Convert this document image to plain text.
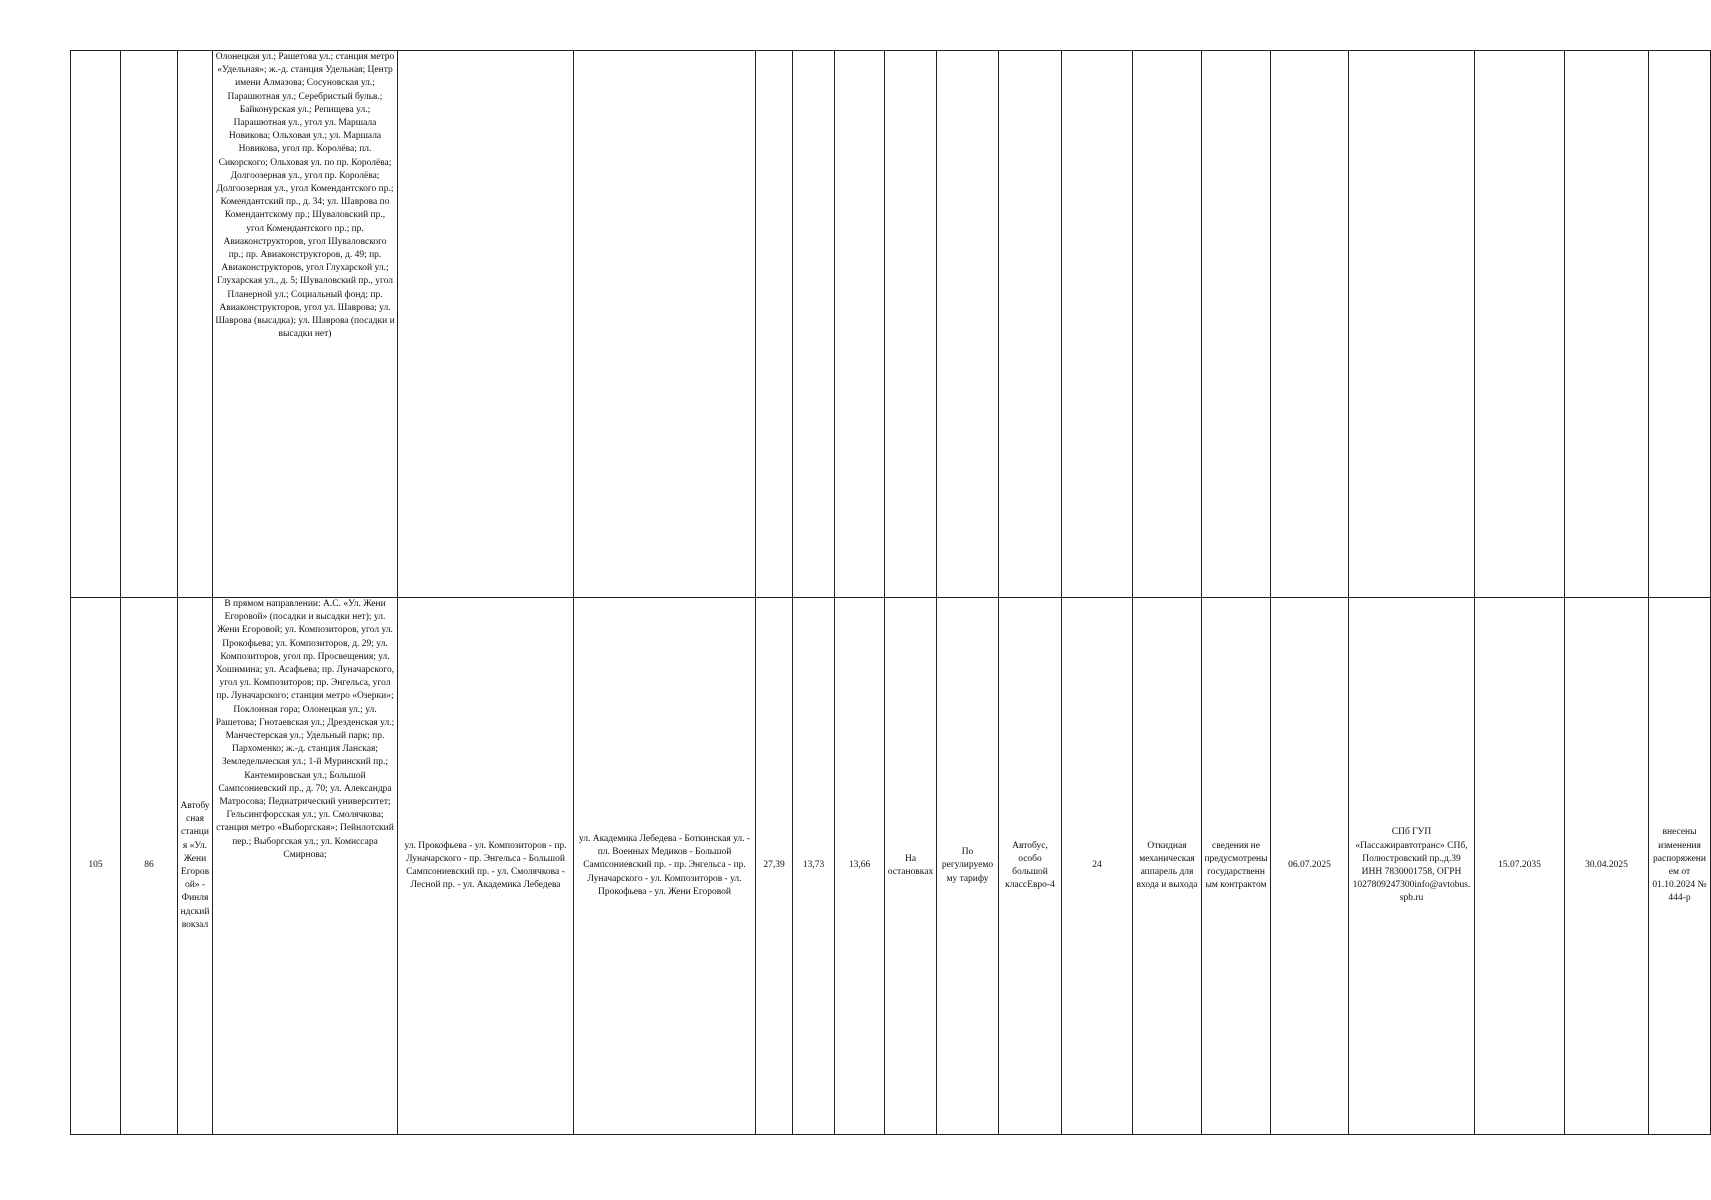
			Олонецкая ул.; Рашетова ул.; станция метро «Удельная»; ж.-д. станция Удельная; Центр имени Алмазова; Сосуновская ул.; Парашютная ул.; Серебристый бульв.; Байконурская ул.; Репищева ул.; Парашютная ул., угол ул. Маршала Новикова; Ольховая ул.; ул. Маршала Новикова, угол пр. Королёва; пл. Сикорского; Ольховая ул. по пр. Королёва; Долгоозерная ул., угол пр. Королёва; Долгоозерная ул., угол Комендантского пр.; Комендантский пр., д. 34; ул. Шаврова по Комендантскому пр.; Шуваловский пр., угол Комендантского пр.; пр. Авиаконструкторов, угол Шуваловского пр.; пр. Авиаконструкторов, д. 49; пр. Авиаконструкторов, угол Глухарской ул.; Глухарская ул., д. 5; Шуваловский пр., угол Планерной ул.; Социальный фонд; пр. Авиаконструкторов, угол ул. Шаврова; ул. Шаврова (высадка); ул. Шаврова (посадки и высадки нет)																

105	86	Автобусная станция «Ул. Жени Егоровой» - Финляндский вокзал	В прямом направлении: А.С. «Ул. Жени Егоровой» (посадки и высадки нет); ул. Жени Егоровой; ул. Композиторов, угол ул. Прокофьева; ул. Композиторов, д. 29; ул. Композиторов, угол пр. Просвещения; ул. Хошимина; ул. Асафьева; пр. Луначарского, угол ул. Композиторов; пр. Энгельса, угол пр. Луначарского; станция метро «Озерки»; Поклонная гора; Олонецкая ул.; ул. Рашетова; Гнотаевская ул.; Дрезденская ул.; Манчестерская ул.; Удельный парк; пр. Пархоменко; ж.-д. станция Ланская; Земледельческая ул.; 1-й Муринский пр.; Кантемировская ул.; Большой Сампсониевский пр., д. 70; ул. Александра Матросова; Педиатрический университет; Гельсингфорсская ул.; ул. Смолячкова; станция метро «Выборгская»; Пейнлотский пер.; Выборгская ул.; ул. Комиссара Смирнова;	ул. Прокофьева - ул. Композиторов - пр. Луначарского - пр. Энгельса - Большой Сампсониевский пр. - ул. Смолячкова - Лесной пр. - ул. Академика Лебедева	ул. Академика Лебедева - Боткинская ул. - пл. Военных Медиков - Большой Сампсониевский пр. - пр. Энгельса - пр. Луначарского - ул. Композиторов - ул. Прокофьева - ул. Жени Егоровой	27,39	13,73	13,66	На остановках	По регулируемому тарифу	Автобус, особо большой классЕвро-4	24	Откидная механическая аппарель для входа и выхода	сведения не предусмотрены государственным контрактом	06.07.2025	СПб ГУП «Пассажиравтотранс» СПб, Полюстровский пр.,д.39 ИНН 7830001758, ОГРН 1027809247300info@avtobus.spb.ru	15.07.2035	30.04.2025	внесены изменения распоряжением от 01.10.2024 № 444-р
